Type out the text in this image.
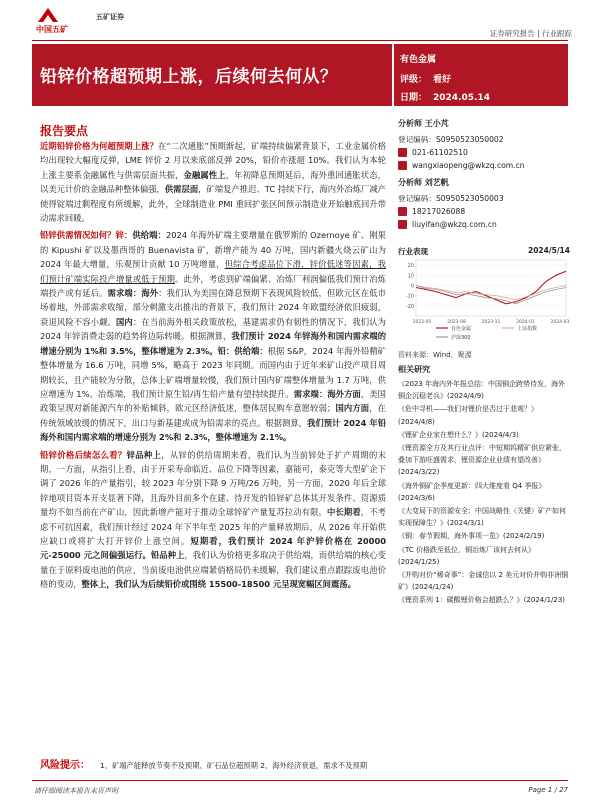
中国五矿
五矿证券
证券研究报告 | 行业跟踪
铅锌价格超预期上涨，后续何去何从？
有色金属
评级： 看好
日期： 2024.05.14
报告要点

近期铅锌价格为何超预期上涨？在“二次通胀”预期渐起，矿端持续偏紧背景下，工业金属价格均出现较大幅度反弹，LME 锌价 2 月以来底部反弹 20%，铅价亦涨超 10%。我们认为本轮上涨主要系金融属性与供需层面共振，金融属性上，年初降息预期延后，海外重回通胀状态，以美元计价的金融品种整体偏强，供需层面，矿端复产推迟、TC 持续下行，海内外冶炼厂减产使得锭端过剩程度有所缓解，此外，全球制造业 PMI 重回扩张区间预示制造业开始触底回升带动需求回暖。

铅锌供需情况如何？锌：供给端：2024 年海外矿端主要增量在俄罗斯的 Ozernoye 矿、刚果的 Kipushi 矿以及墨西哥的 Buenavista 矿，新增产能为 40 万吨，国内新疆火烧云矿山为 2024 年最大增量，乐观预计贡献 10 万吨增量，但综合考虑品位下滑，锌价低迷等因素，我们预计矿端实际投产增量或低于预期。此外，考虑到矿端偏紧、冶炼厂利润偏低我们预计冶炼端投产或有延后。需求端：海外：我们认为美国在降息预期下表现风险较低，但欧元区在低市场着地，外部需求收缩，部分刺激支出推出的背景下，我们预计 2024 年欧盟经济依旧疲弱，衰退风险不容小觑。国内：在当前海外相关政策放松，基建需求仍有韧性的情况下，我们认为 2024 年锌消费走弱的趋势将边际转暖。根据测算，我们预计 2024 年锌海外和国内需求端的增速分别为 1%和 3.5%，整体增速为 2.3%。铅：供给端：根据 S&P，2024 年海外铅精矿整体增量为 16.6 万吨，同增 5%，略高于 2023 年同期。而国内由于近年来矿山投产项目周期较长，且产能较为分散，总体上矿端增量较慢，我们预计国内矿端整体增量为 1.7 万吨，供应增速为 1%。冶炼端，我们预计原生铅/再生铅产量有望持续提升。需求端：海外方面，美国政策呈现对新能源汽车的补贴倾斜，欧元区经济低迷，整体居民购车意愿较弱；国内方面，在传统领域放缓的情况下，出口与新基建或成为铅需求的亮点。根据测算，我们预计 2024 年铅海外和国内需求端的增速分别为 2%和 2.3%，整体增速为 2.1%。

铅锌价格后续怎么看？锌品种上，从锌的供给周期来看，我们认为当前锌处于扩产周期的末期，一方面，从指引上看，由于开采寿命临近、品位下降等因素，嘉能可，泰克等大型矿企下调了 2026 年的产量指引，较 2023 年分别下降 9 万吨/26 万吨，另一方面，2020 年后全球锌地项目资本开支显著下降，且海外目前多个在建、待开发的铅锌矿总体其开发条件、资源质量均不如当前在产矿山，因此新增产能对于推动全球锌矿产量复苏拉动有限。中长期看，不考虑不可抗因素，我们预计经过 2024 年下半年至 2025 年的产量释放期后，从 2026 年开始供应缺口或将扩大打开锌价上涨空间。短期看，我们预计 2024 年沪锌价格在 20000 元-25000 元之间偏强运行。铅品种上，我们认为价格更多取决于供给端，而供给端的核心变量在于原料废电池的供应，当前废电池供应端紧俏格局仍未缓解，我们建议重点跟踪废电池价格的变动，整体上，我们认为后续铅价或围绕 15500-18500 元呈现宽幅区间震荡。

分析师 王小芃
登记编码：S0950523050002
021-61102510
wangxiaopeng@wkzq.com.cn
分析师 刘艺帆
登记编码：S0950523050003
18217026088
liuyifan@wkzq.com.cn
行业表现	2024/5/14
20
10
0
-10
-20
2023-05	2023-08	2023-11	2024-01	2024-03
有色金属	上证指数
沪深300
资料来源：Wind，聚源
相关研究
《2023 年海内外年报总结：中国铜企跨势待发，海外铜企沉稳老兵》(2024/4/9)
《危中寻机——我们对锂价是否过于悲观？》(2024/4/8)
《锂矿企业家在想什么？》(2024/4/3)
《锂资源全方及其行业点评：中短期钨精矿供应紧张，叠加下游旺盛需求，锂资源企业业绩有望改善》(2024/3/22)
《海外铜矿企季度更新：四大维度看 Q4 季报》(2024/3/6)
《大变局下的资源安全：中国战略性（关键）矿产如何实现保障生？》(2024/3/1)
《铜：春节假期，海外事项一览》(2024/2/19)
《TC 价格跌至低位，铜冶炼厂该何去何从》(2024/1/25)
《并购对价“稀奇事”：金诚信以 2 美元对价并购非洲铜矿》(2024/1/24)
《锂资系列 1：碳酸锂价格会超跌么？》(2024/1/23)
风险提示： 1、矿端产能释放节奏不及预期、矿石品位超预期 2、海外经济衰退，需求不及预期
请仔细阅读本报告末页声明	Page 1 / 27
